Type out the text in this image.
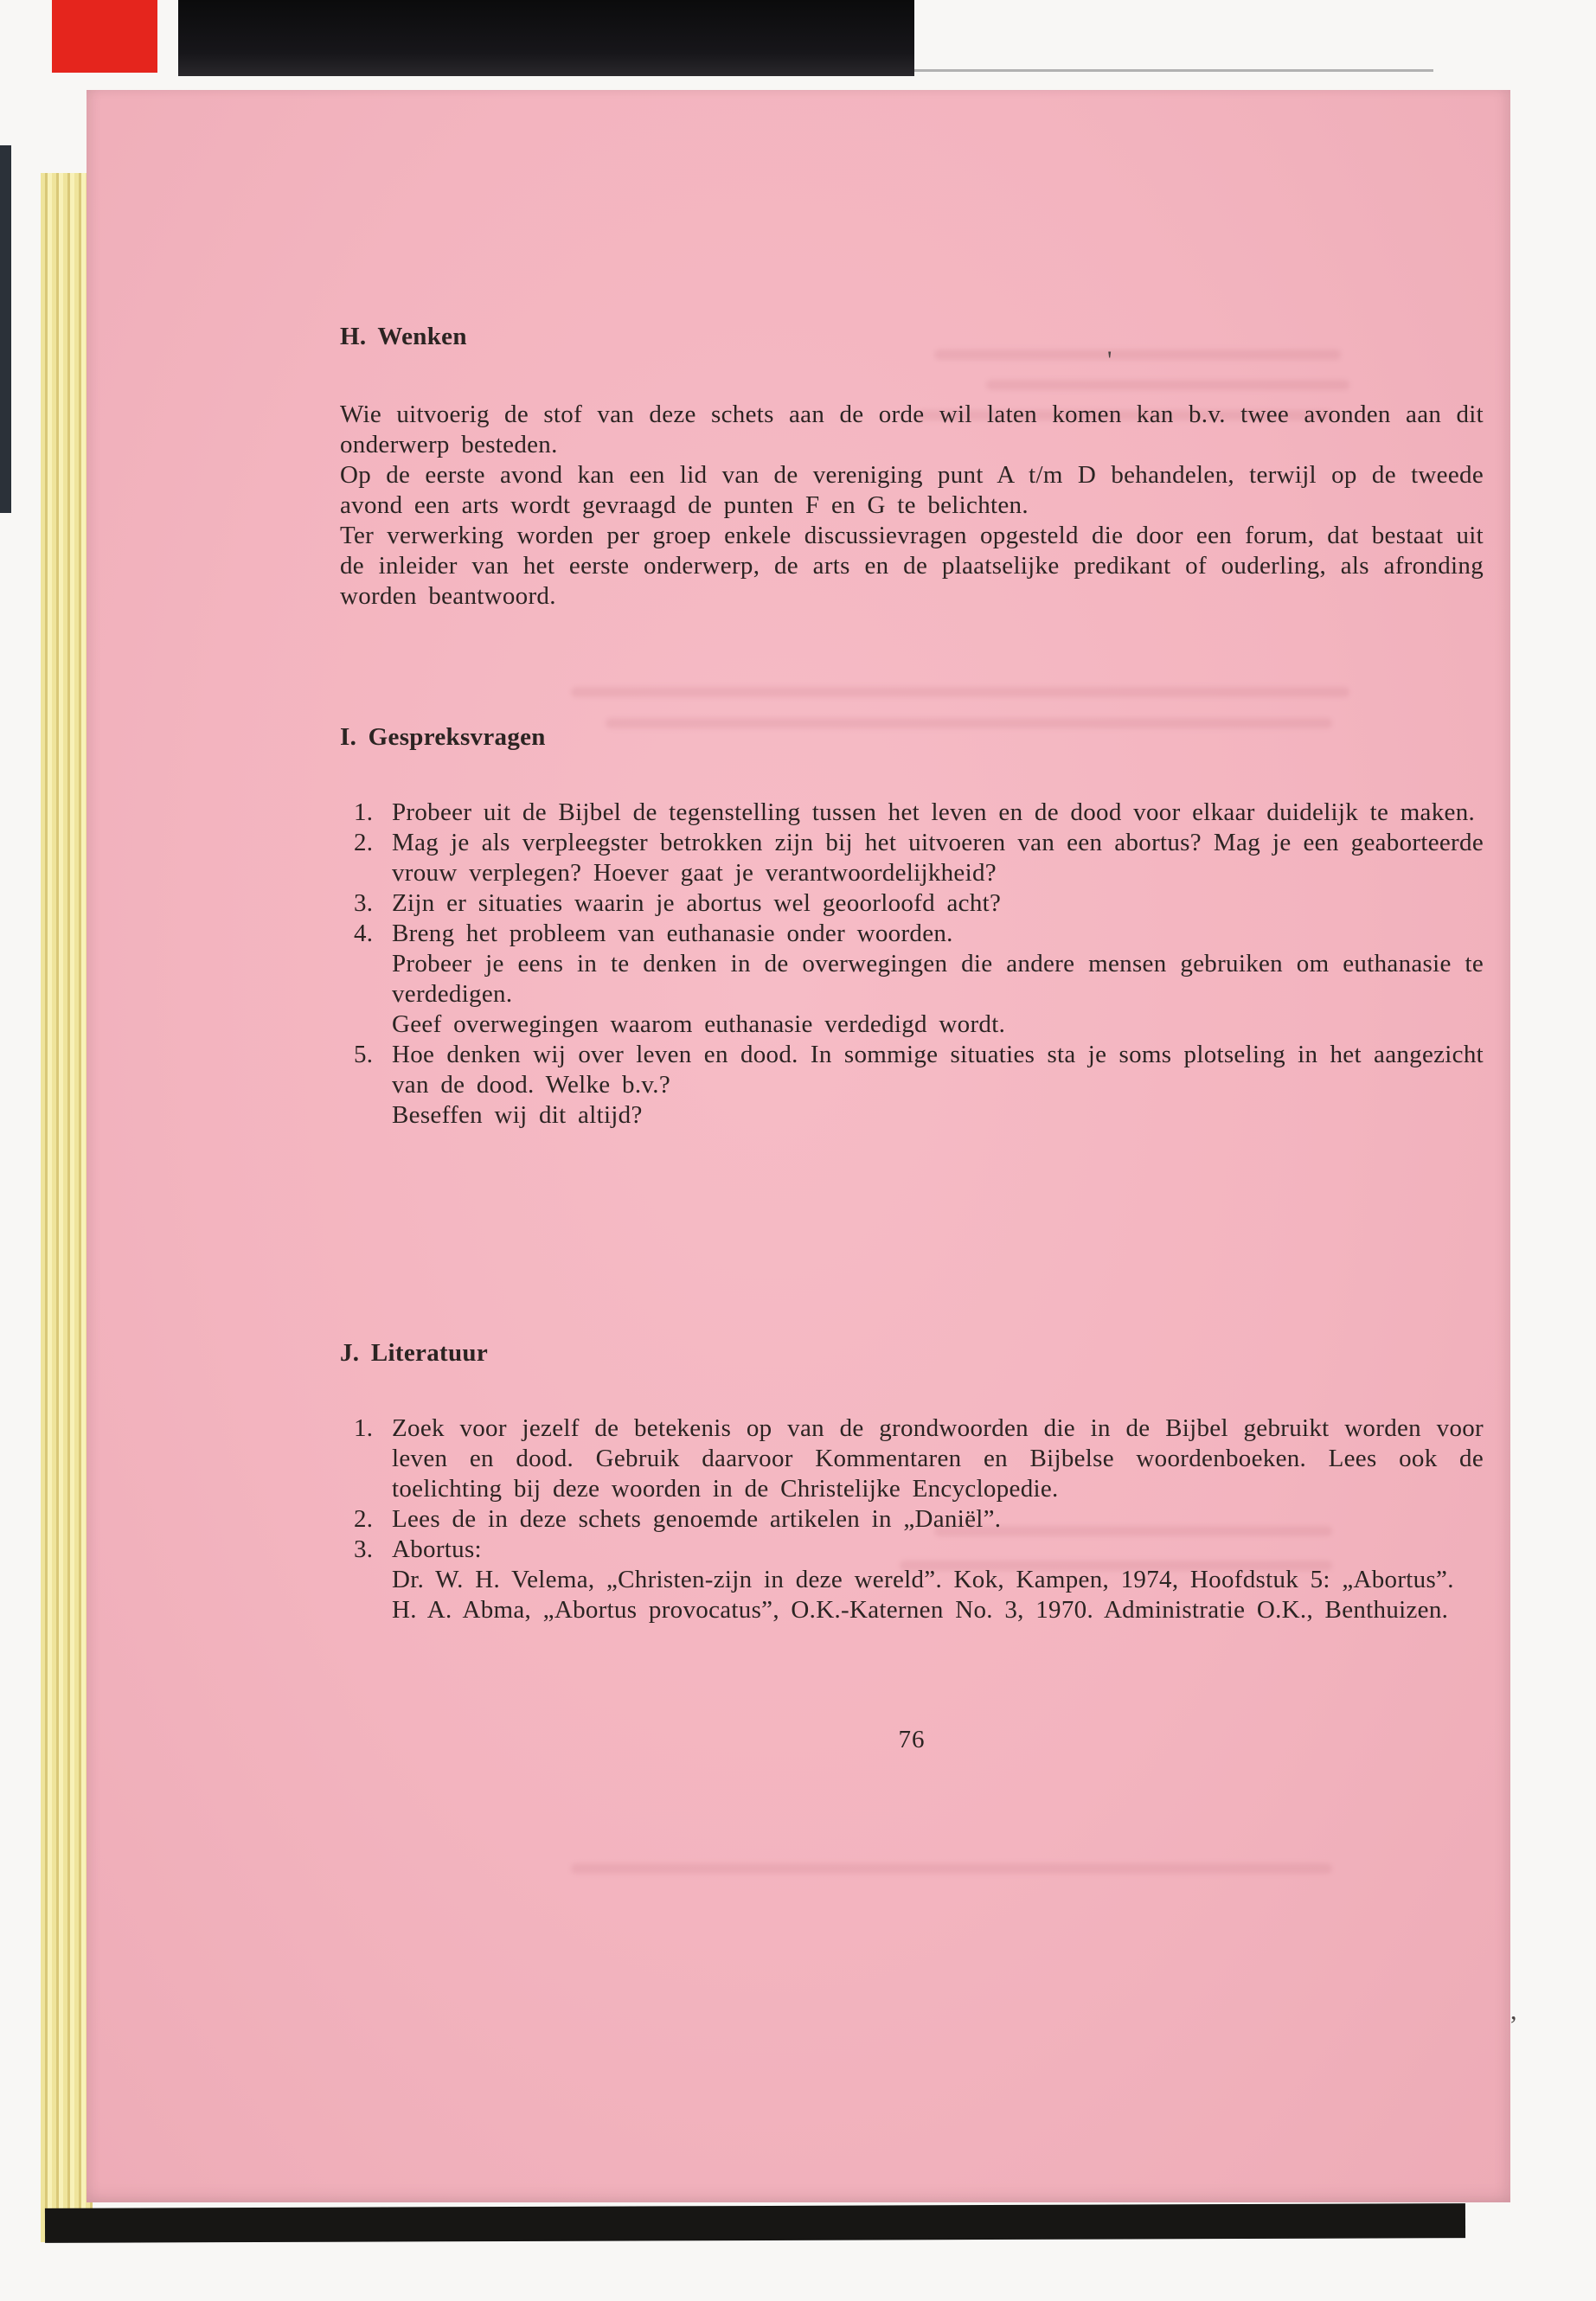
H. Wenken

Wie uitvoerig de stof van deze schets aan de orde wil laten komen kan b.v. twee avonden aan dit onderwerp besteden.

Op de eerste avond kan een lid van de vereniging punt A t/m D behandelen, terwijl op de tweede avond een arts wordt gevraagd de punten F en G te belichten.

Ter verwerking worden per groep enkele discussievragen opgesteld die door een forum, dat bestaat uit de inleider van het eerste onderwerp, de arts en de plaatselijke predikant of ouderling, als afronding worden beantwoord.

I. Gespreksvragen
1. Probeer uit de Bijbel de tegenstelling tussen het leven en de dood voor elkaar duidelijk te maken.
2. Mag je als verpleegster betrokken zijn bij het uitvoeren van een abortus? Mag je een geaborteerde vrouw verplegen? Hoever gaat je verantwoordelijkheid?
3. Zijn er situaties waarin je abortus wel geoorloofd acht?
4. Breng het probleem van euthanasie onder woorden.
Probeer je eens in te denken in de overwegingen die andere mensen gebruiken om euthanasie te verdedigen.
Geef overwegingen waarom euthanasie verdedigd wordt.
5. Hoe denken wij over leven en dood. In sommige situaties sta je soms plotseling in het aangezicht van de dood. Welke b.v.?
Beseffen wij dit altijd?
J. Literatuur
1. Zoek voor jezelf de betekenis op van de grondwoorden die in de Bijbel gebruikt worden voor leven en dood. Gebruik daarvoor Kommentaren en Bijbelse woordenboeken. Lees ook de toelichting bij deze woorden in de Christelijke Encyclopedie.
2. Lees de in deze schets genoemde artikelen in „Daniël”.
3. Abortus:
Dr. W. H. Velema, „Christen-zijn in deze wereld”. Kok, Kampen, 1974, Hoofdstuk 5: „Abortus”.
H. A. Abma, „Abortus provocatus”, O.K.-Katernen No. 3, 1970. Administratie O.K., Benthuizen.
76
'
,
